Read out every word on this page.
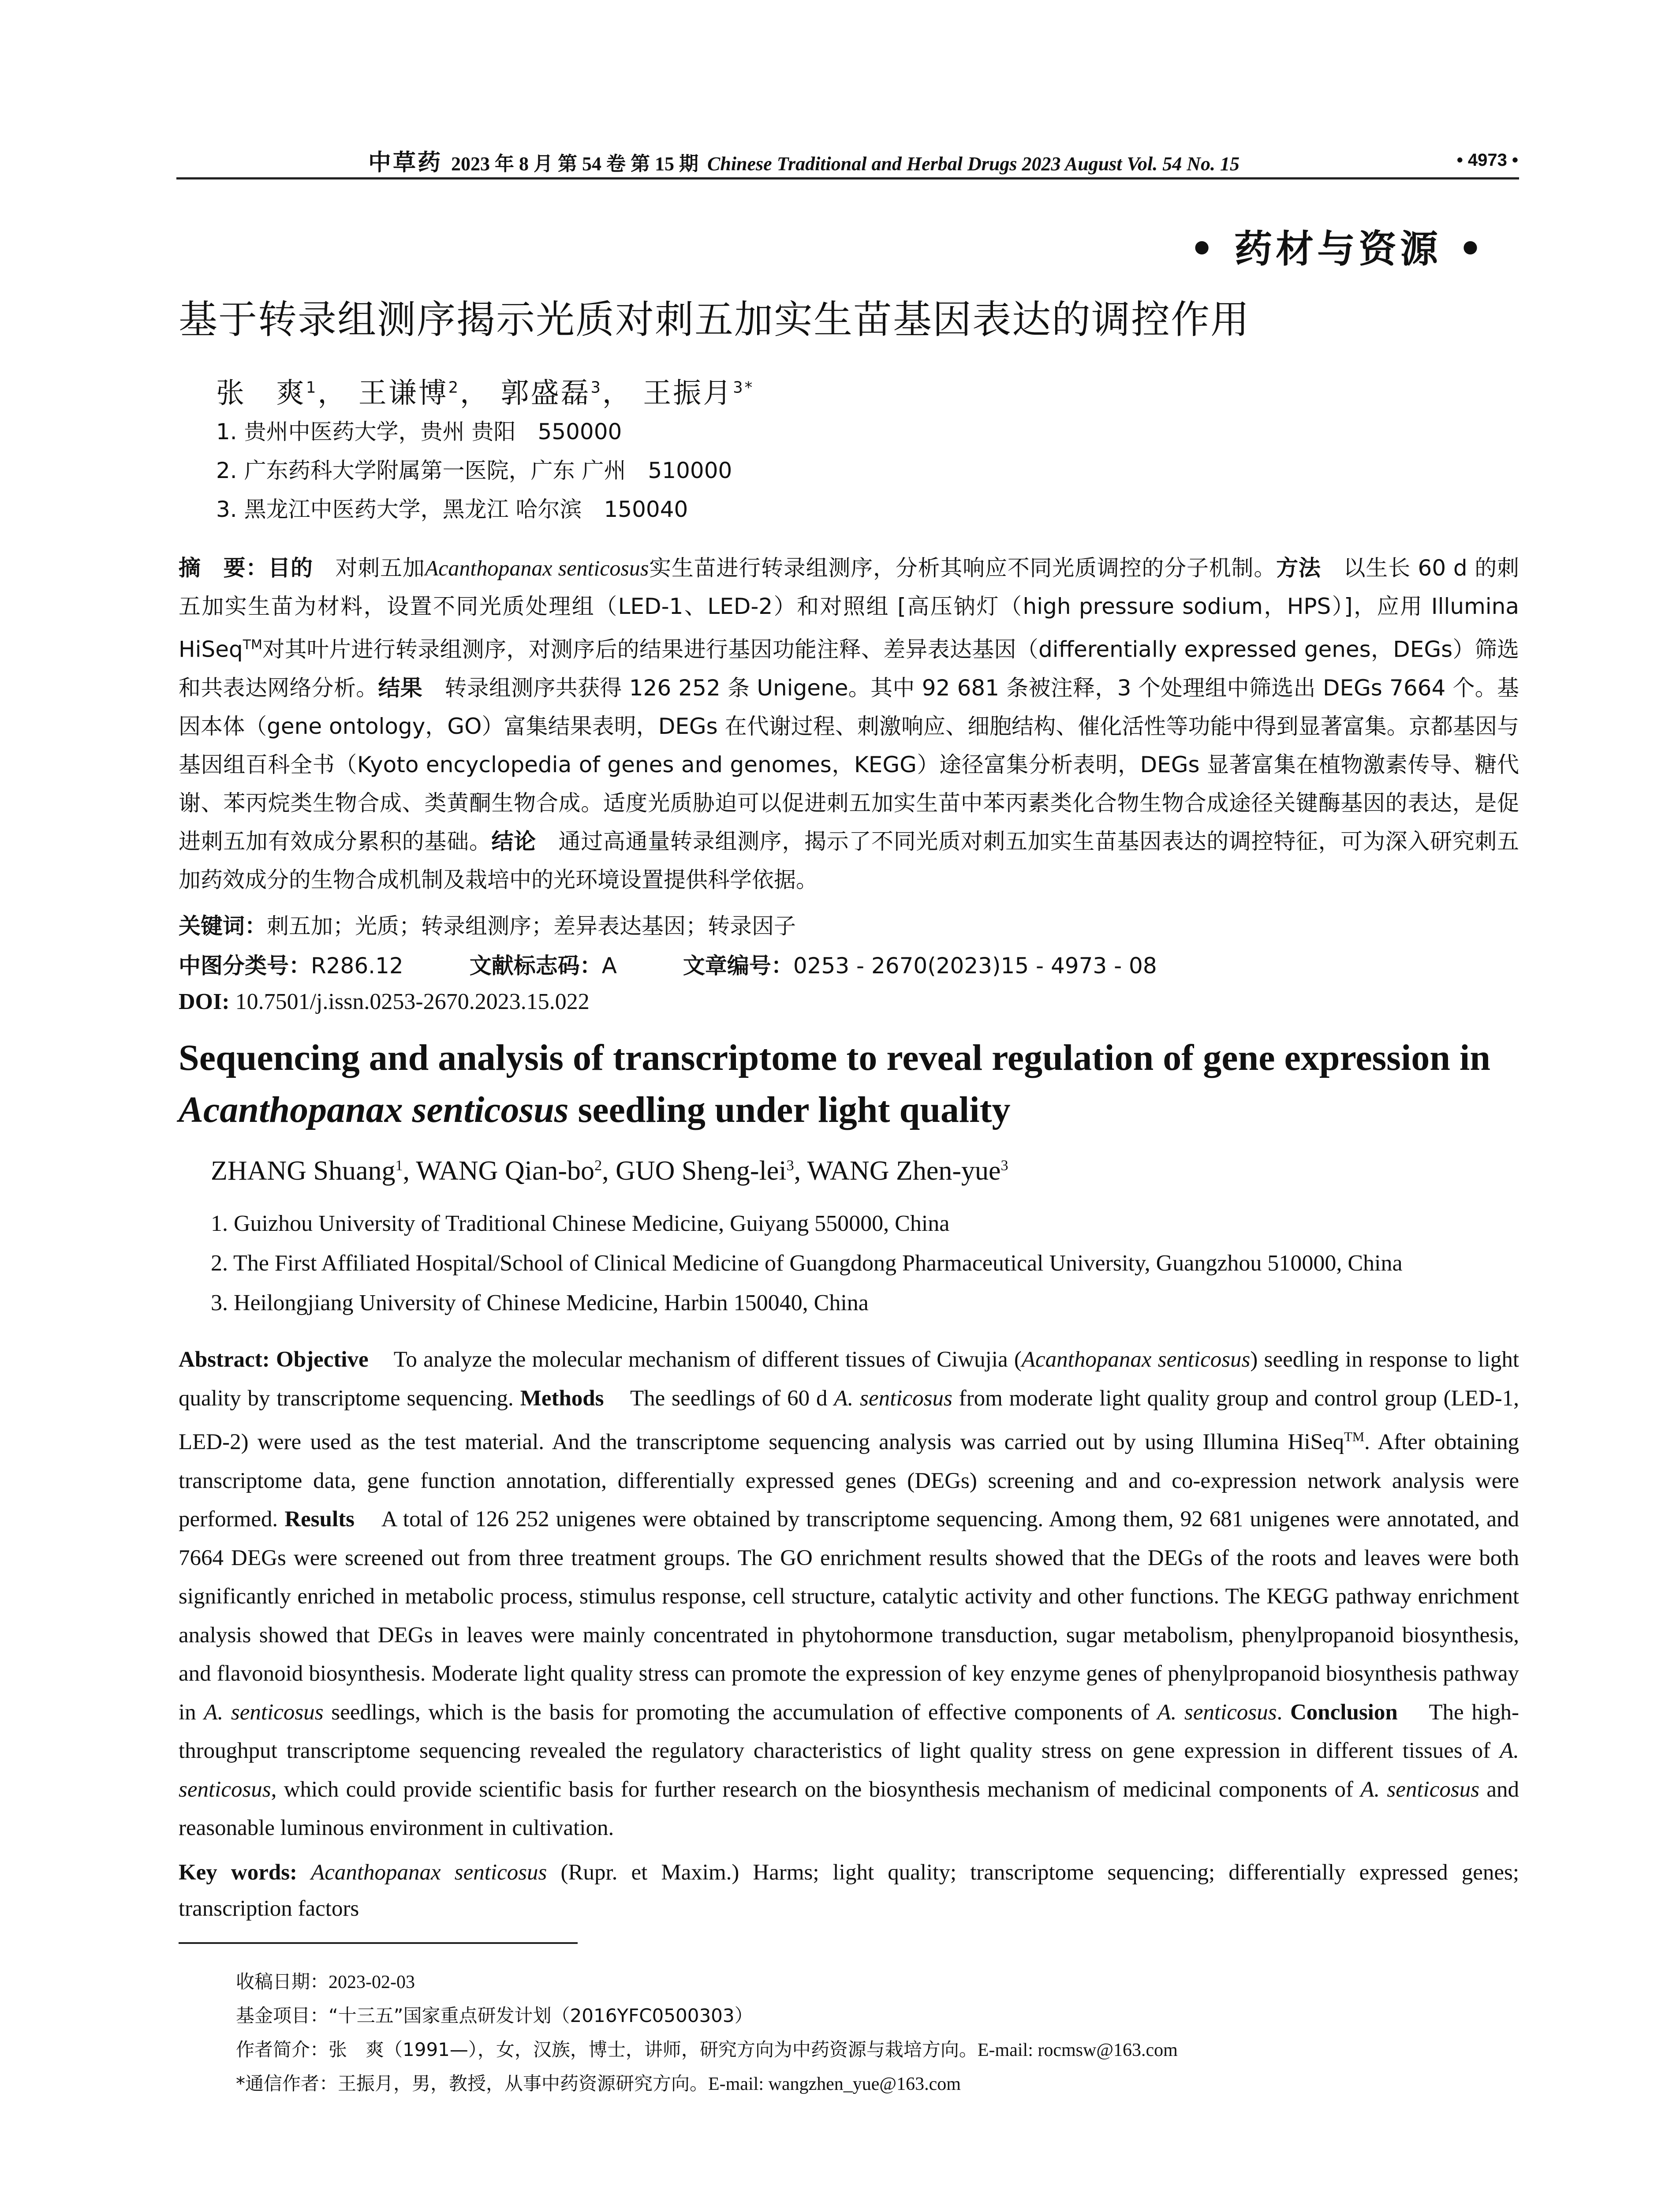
中草药 2023 年 8 月 第 54 卷 第 15 期 Chinese Traditional and Herbal Drugs 2023 August Vol. 54 No. 15	• 4973 •
• 药材与资源 •
基于转录组测序揭示光质对刺五加实生苗基因表达的调控作用
张　爽$^1$， 王谦博$^2$， 郭盛磊$^3$， 王振月$^{3*}$
1. 贵州中医药大学，贵州 贵阳　550000
2. 广东药科大学附属第一医院，广东 广州　510000
3. 黑龙江中医药大学，黑龙江 哈尔滨　150040
摘　要：目的　 对刺五加Acanthopanax senticosus实生苗进行转录组测序，分析其响应不同光质调控的分子机制。方法　 以生长 60 d 的刺五加实生苗为材料，设置不同光质处理组（LED-1、LED-2）和对照组 [高压钠灯（high pressure sodium，HPS）]，应用 Illumina HiSeq™对其叶片进行转录组测序，对测序后的结果进行基因功能注释、差异表达基因（differentially expressed genes，DEGs）筛选和共表达网络分析。结果　 转录组测序共获得 126 252 条 Unigene。其中 92 681 条被注释，3 个处理组中筛选出 DEGs 7664 个。基因本体（gene ontology，GO）富集结果表明，DEGs 在代谢过程、刺激响应、细胞结构、催化活性等功能中得到显著富集。京都基因与基因组百科全书（Kyoto encyclopedia of genes and genomes，KEGG）途径富集分析表明，DEGs 显著富集在植物激素传导、糖代谢、苯丙烷类生物合成、类黄酮生物合成。适度光质胁迫可以促进刺五加实生苗中苯丙素类化合物生物合成途径关键酶基因的表达，是促进刺五加有效成分累积的基础。结论　 通过高通量转录组测序，揭示了不同光质对刺五加实生苗基因表达的调控特征，可为深入研究刺五加药效成分的生物合成机制及栽培中的光环境设置提供科学依据。
关键词：刺五加；光质；转录组测序；差异表达基因；转录因子
中图分类号：R286.12	文献标志码：A	文章编号：0253 - 2670(2023)15 - 4973 - 08
DOI: 10.7501/j.issn.0253-2670.2023.15.022
Sequencing and analysis of transcriptome to reveal regulation of gene expression in Acanthopanax senticosus seedling under light quality
ZHANG Shuang$^1$, WANG Qian-$bo^2$, GUO Sheng-lei$^3$, WANG Zhen-yue$^3$
1. Guizhou University of Traditional Chinese Medicine, Guiyang 550000, China
2. The First Affiliated Hospital/School of Clinical Medicine of Guangdong Pharmaceutical University, Guangzhou 510000, China
3. Heilongjiang University of Chinese Medicine, Harbin 150040, China
Abstract: Objective To analyze the molecular mechanism of different tissues of Ciwujia (Acanthopanax senticosus) seedling in response to light quality by transcriptome sequencing. Methods The seedlings of 60 d A. senticosus from moderate light quality group and control group (LED-1, LED-2) were used as the test material. And the transcriptome sequencing analysis was carried out by using Illumina HiSeq™. After obtaining transcriptome data, gene function annotation, differentially expressed genes (DEGs) screening and and co-expression network analysis were performed. Results A total of 126 252 unigenes were obtained by transcriptome sequencing. Among them, 92 681 unigenes were annotated, and 7664 DEGs were screened out from three treatment groups. The GO enrichment results showed that the DEGs of the roots and leaves were both significantly enriched in metabolic process, stimulus response, cell structure, catalytic activity and other functions. The KEGG pathway enrichment analysis showed that DEGs in leaves were mainly concentrated in phytohormone transduction, sugar metabolism, phenylpropanoid biosynthesis, and flavonoid biosynthesis. Moderate light quality stress can promote the expression of key enzyme genes of phenylpropanoid biosynthesis pathway in A. senticosus seedlings, which is the basis for promoting the accumulation of effective components of A. senticosus. Conclusion The high-throughput transcriptome sequencing revealed the regulatory characteristics of light quality stress on gene expression in different tissues of A. senticosus, which could provide scientific basis for further research on the biosynthesis mechanism of medicinal components of A. senticosus and reasonable luminous environment in cultivation.
Key words: Acanthopanax senticosus (Rupr. et Maxim.) Harms; light quality; transcriptome sequencing; differentially expressed genes; transcription factors
收稿日期：2023-02-03
基金项目：“十三五”国家重点研发计划（2016YFC0500303）
作者简介：张　爽（1991—），女，汉族，博士，讲师，研究方向为中药资源与栽培方向。E-mail: rocmsw@163.com
*通信作者：王振月，男，教授，从事中药资源研究方向。E-mail: wangzhen_yue@163.com
